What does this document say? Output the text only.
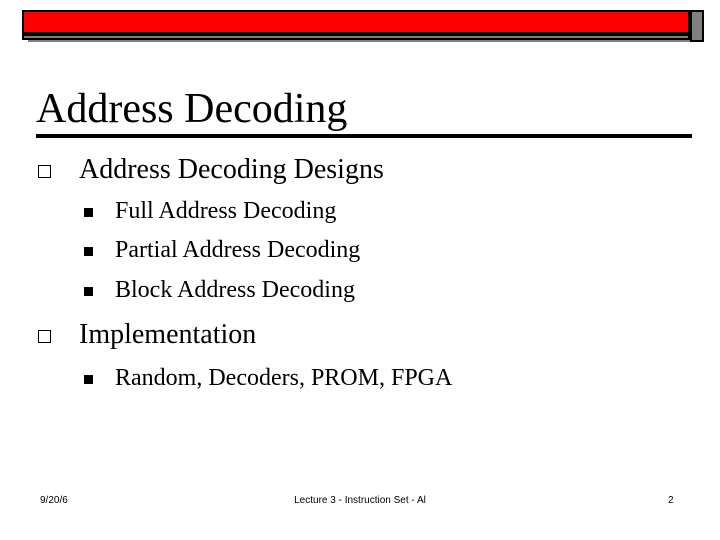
Address Decoding
Address Decoding Designs
Full Address Decoding
Partial Address Decoding
Block Address Decoding
Implementation
Random, Decoders, PROM, FPGA
9/20/6	Lecture 3 - Instruction Set - Al	2
